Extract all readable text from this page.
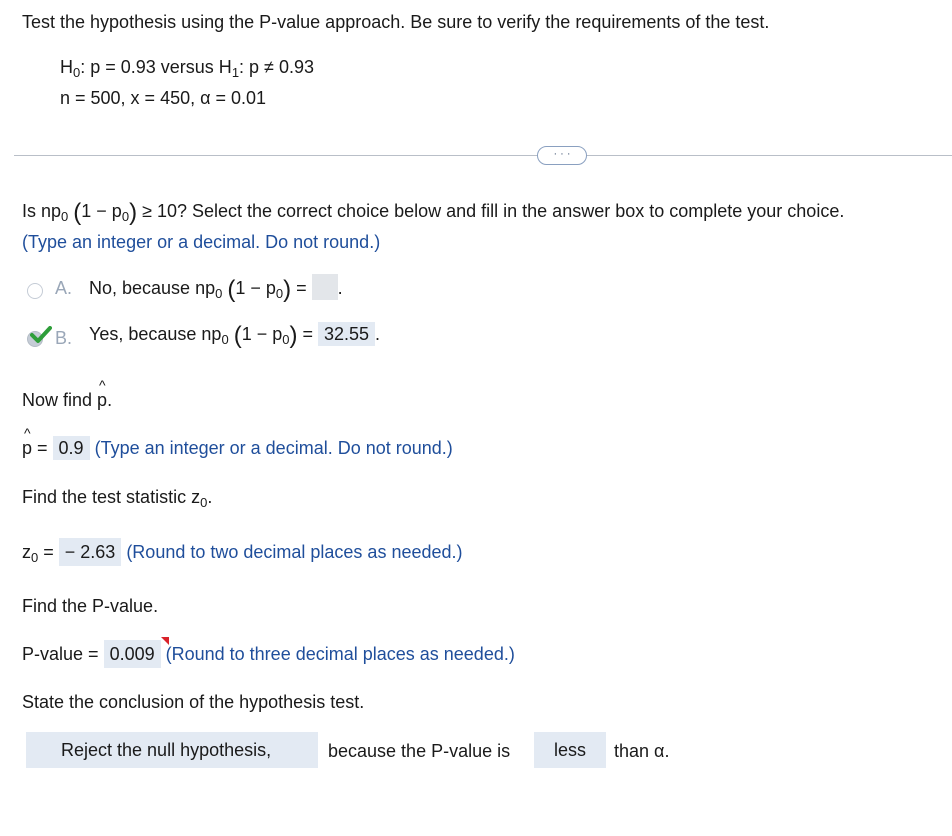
Test the hypothesis using the P-value approach. Be sure to verify the requirements of the test.
$H_0$: p = 0.93 versus $H_1$: p ≠ 0.93
n = 500, x = 450, α = 0.01
· · ·
Is $np_0$ $(1 - p_0) \ge 10$? Select the correct choice below and fill in the answer box to complete your choice.
(Type an integer or a decimal. Do not round.)
A. No, because $np_0$ $(1 - p_0)$ = .
B. Yes, because $np_0$ $(1 - p_0) = 32.55$ .
Now find ^ p.
^ p = 0.9 (Type an integer or a decimal. Do not round.)
Find the test statistic $z_0$.
$z_0$ = − 2.63 (Round to two decimal places as needed.)
Find the P-value.
P-value = 0.009 (Round to three decimal places as needed.)
State the conclusion of the hypothesis test.
Reject the null hypothesis,	because the P-value is	less	than α.
